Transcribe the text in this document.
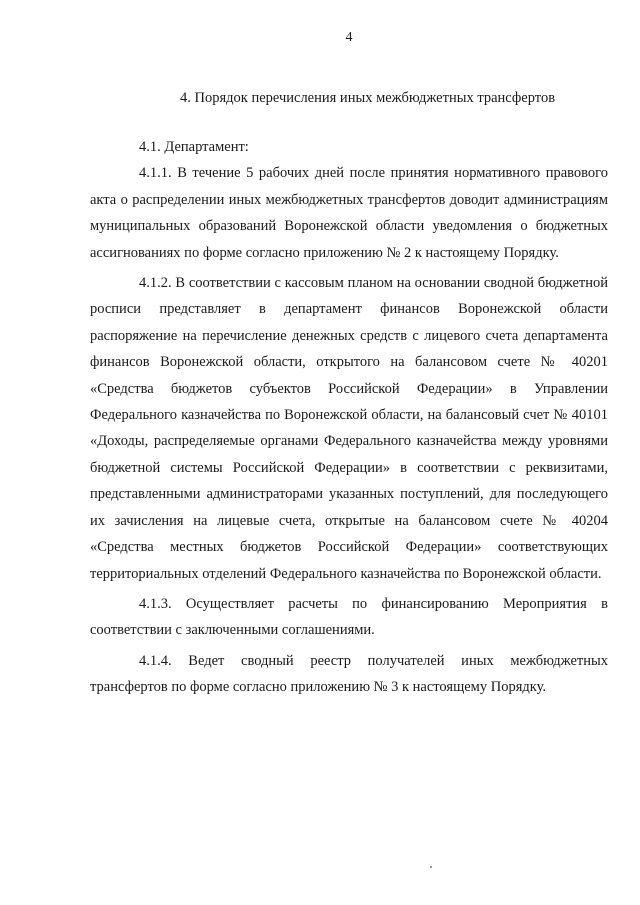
4
4. Порядок перечисления иных межбюджетных трансфертов

4.1. Департамент:

4.1.1. В течение 5 рабочих дней после принятия нормативного правового акта о распределении иных межбюджетных трансфертов доводит администрациям муниципальных образований Воронежской области уведомления о бюджетных ассигнованиях по форме согласно приложению № 2 к настоящему Порядку.

4.1.2. В соответствии с кассовым планом на основании сводной бюджетной росписи представляет в департамент финансов Воронежской области распоряжение на перечисление денежных средств с лицевого счета департамента финансов Воронежской области, открытого на балансовом счете № 40201 «Средства бюджетов субъектов Российской Федерации» в Управлении Федерального казначейства по Воронежской области, на балансовый счет № 40101 «Доходы, распределяемые органами Федерального казначейства между уровнями бюджетной системы Российской Федерации» в соответствии с реквизитами, представленными администраторами указанных поступлений, для последующего их зачисления на лицевые счета, открытые на балансовом счете № 40204 «Средства местных бюджетов Российской Федерации» соответствующих территориальных отделений Федерального казначейства по Воронежской области.

4.1.3. Осуществляет расчеты по финансированию Мероприятия в соответствии с заключенными соглашениями.

4.1.4. Ведет сводный реестр получателей иных межбюджетных трансфертов по форме согласно приложению № 3 к настоящему Порядку.
